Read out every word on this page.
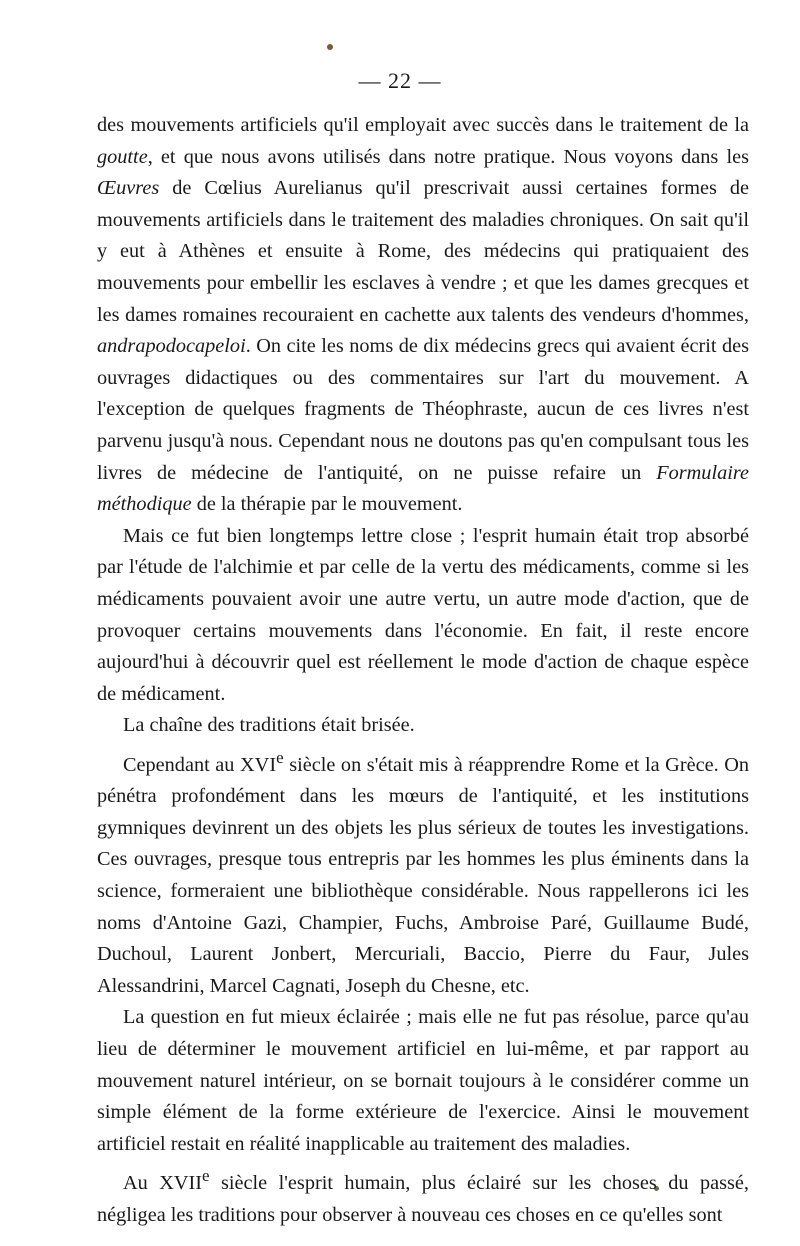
— 22 —

des mouvements artificiels qu'il employait avec succès dans le traitement de la goutte, et que nous avons utilisés dans notre pratique. Nous voyons dans les Œuvres de Cœlius Aurelianus qu'il prescrivait aussi certaines formes de mouvements artificiels dans le traitement des maladies chroniques. On sait qu'il y eut à Athènes et ensuite à Rome, des médecins qui pratiquaient des mouvements pour embellir les esclaves à vendre ; et que les dames grecques et les dames romaines recouraient en cachette aux talents des vendeurs d'hommes, andrapodocapeloi. On cite les noms de dix médecins grecs qui avaient écrit des ouvrages didactiques ou des commentaires sur l'art du mouvement. A l'exception de quelques fragments de Théophraste, aucun de ces livres n'est parvenu jusqu'à nous. Cependant nous ne doutons pas qu'en compulsant tous les livres de médecine de l'antiquité, on ne puisse refaire un Formulaire méthodique de la thérapie par le mouvement.

Mais ce fut bien longtemps lettre close ; l'esprit humain était trop absorbé par l'étude de l'alchimie et par celle de la vertu des médicaments, comme si les médicaments pouvaient avoir une autre vertu, un autre mode d'action, que de provoquer certains mouvements dans l'économie. En fait, il reste encore aujourd'hui à découvrir quel est réellement le mode d'action de chaque espèce de médicament.

La chaîne des traditions était brisée.

Cependant au XVIe siècle on s'était mis à réapprendre Rome et la Grèce. On pénétra profondément dans les mœurs de l'antiquité, et les institutions gymniques devinrent un des objets les plus sérieux de toutes les investigations. Ces ouvrages, presque tous entrepris par les hommes les plus éminents dans la science, formeraient une bibliothèque considérable. Nous rappellerons ici les noms d'Antoine Gazi, Champier, Fuchs, Ambroise Paré, Guillaume Budé, Duchoul, Laurent Jonbert, Mercuriali, Baccio, Pierre du Faur, Jules Alessandrini, Marcel Cagnati, Joseph du Chesne, etc.

La question en fut mieux éclairée ; mais elle ne fut pas résolue, parce qu'au lieu de déterminer le mouvement artificiel en lui-même, et par rapport au mouvement naturel intérieur, on se bornait toujours à le considérer comme un simple élément de la forme extérieure de l'exercice. Ainsi le mouvement artificiel restait en réalité inapplicable au traitement des maladies.

Au XVIIe siècle l'esprit humain, plus éclairé sur les choses du passé, négligea les traditions pour observer à nouveau ces choses en ce qu'elles sont
